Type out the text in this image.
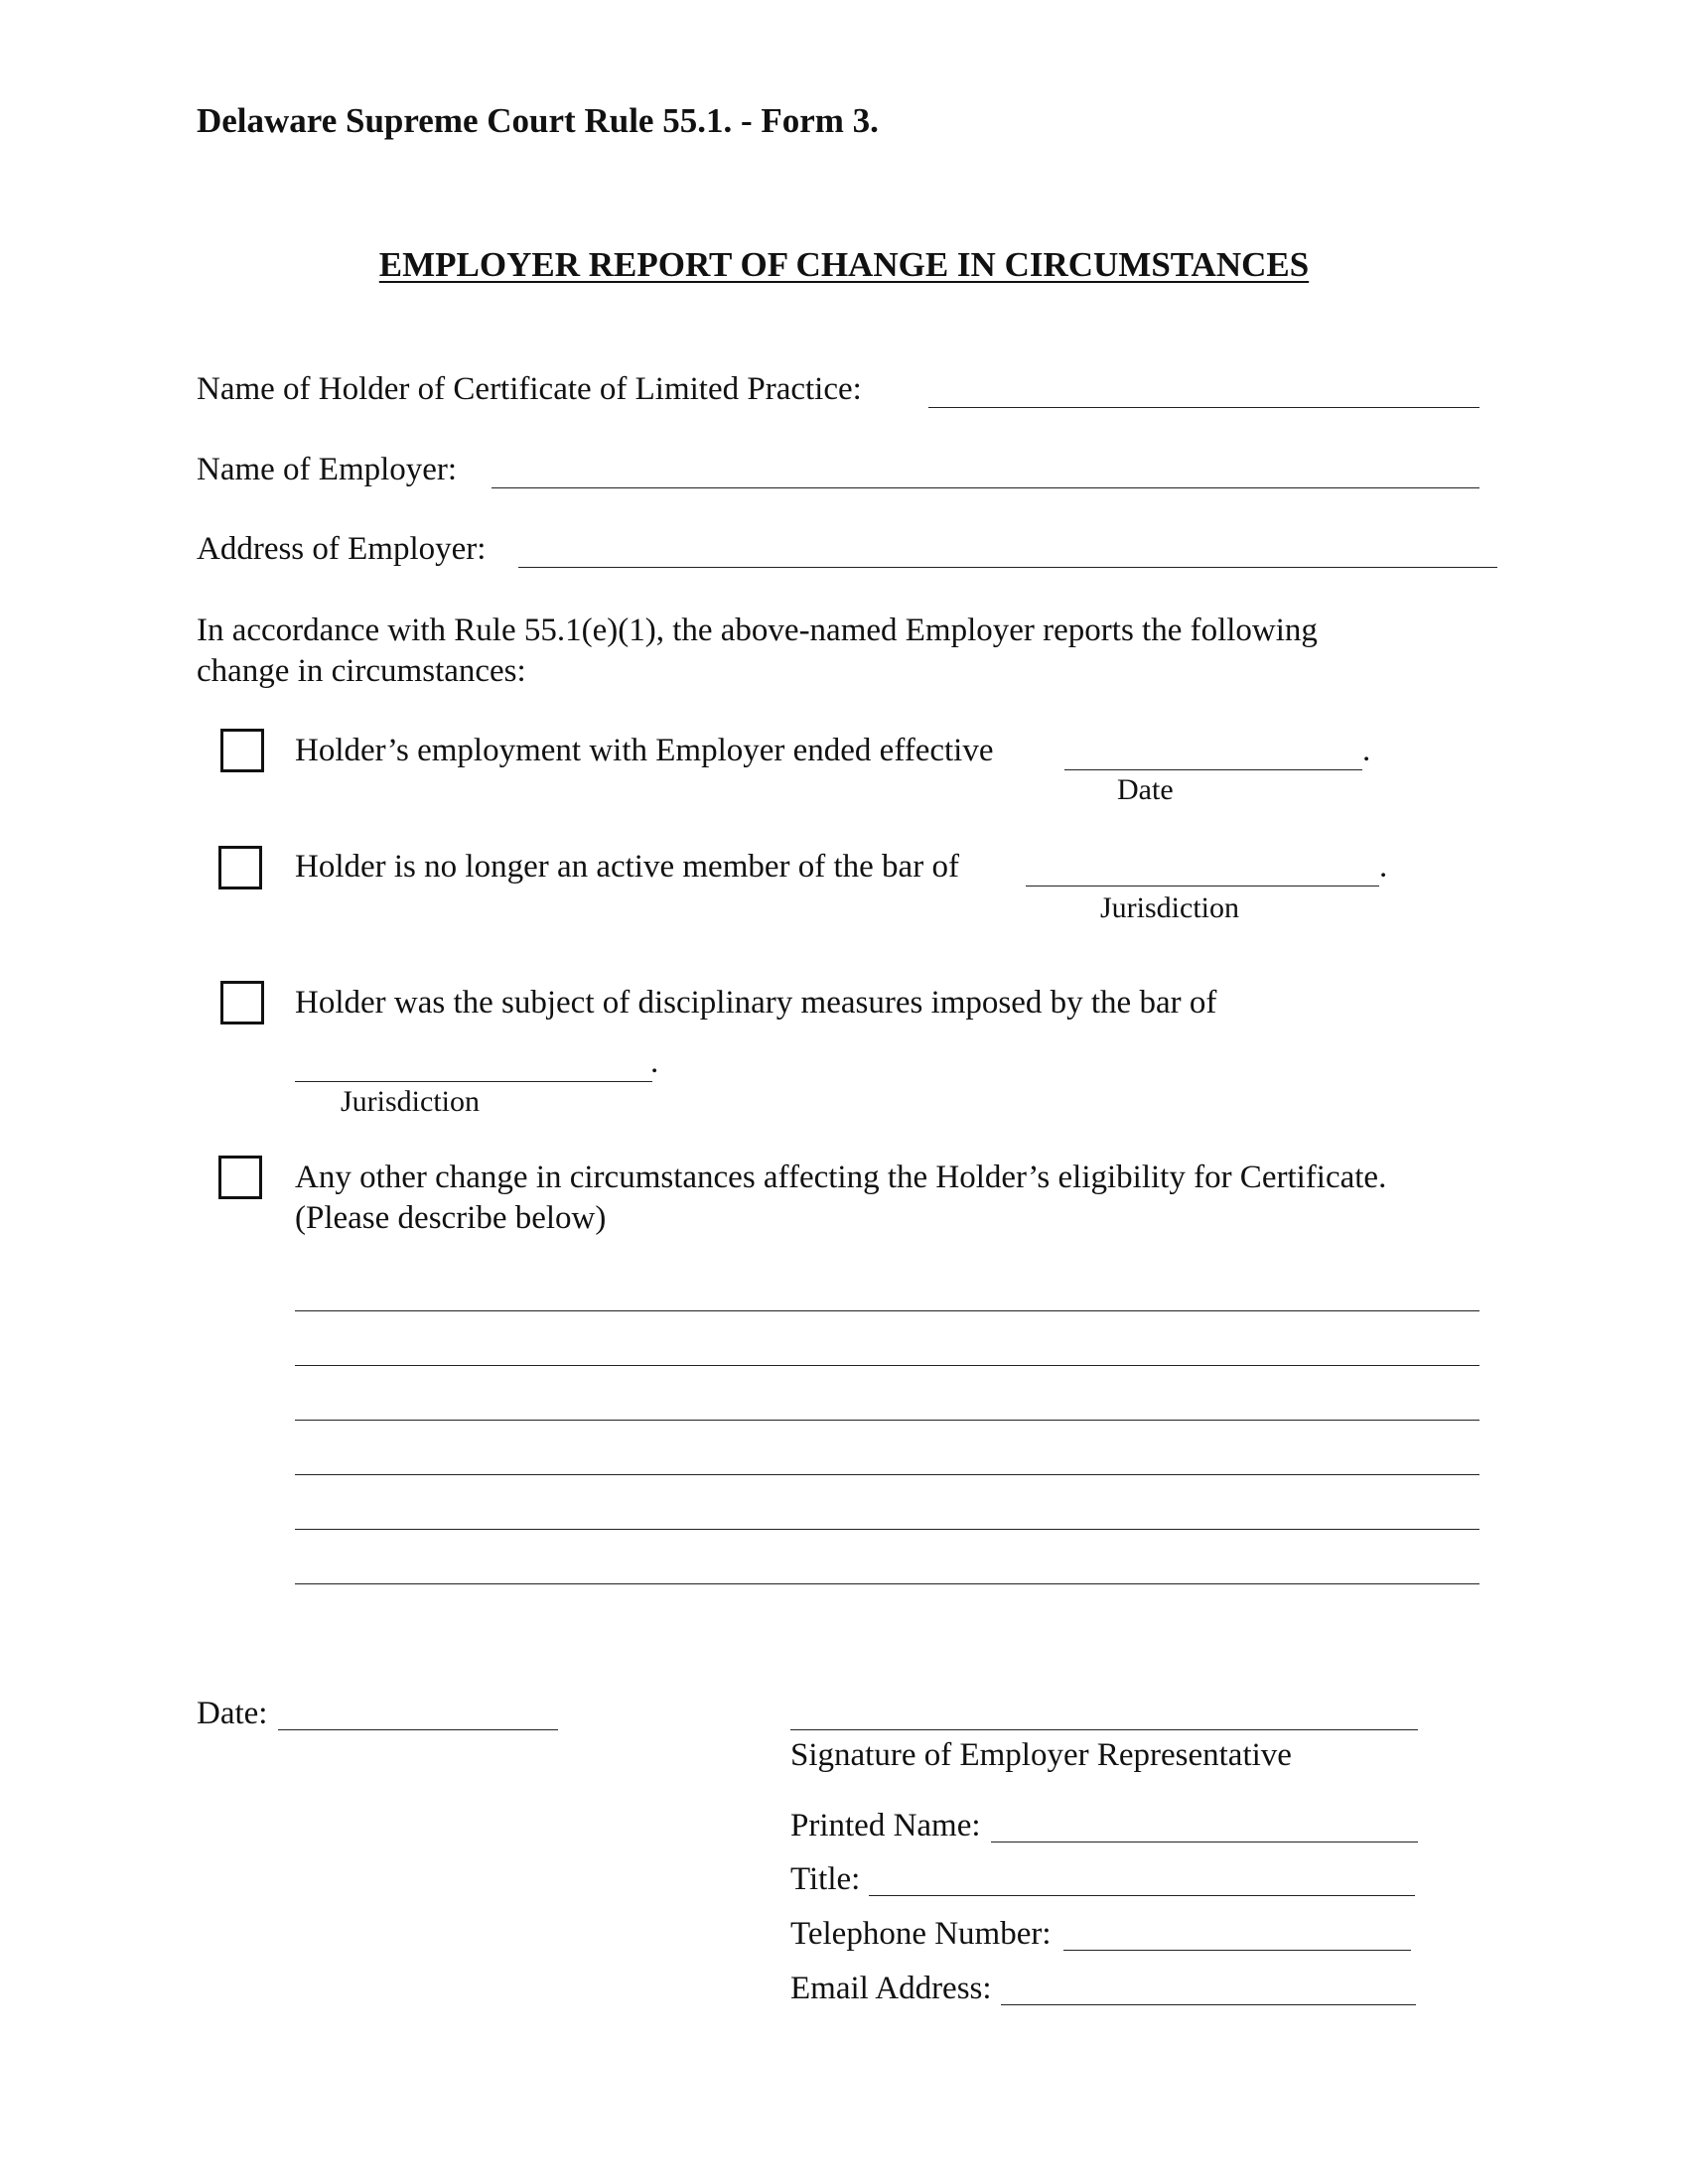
Delaware Supreme Court Rule 55.1. - Form 3.
EMPLOYER REPORT OF CHANGE IN CIRCUMSTANCES
Name of Holder of Certificate of Limited Practice:
Name of Employer:
Address of Employer:
In accordance with Rule 55.1(e)(1), the above-named Employer reports the following
change in circumstances:
Holder’s employment with Employer ended effective	.
Date
Holder is no longer an active member of the bar of	.
Jurisdiction
Holder was the subject of disciplinary measures imposed by the bar of
.
Jurisdiction
Any other change in circumstances affecting the Holder’s eligibility for Certificate.
(Please describe below)
Date:
Signature of Employer Representative
Printed Name:
Title:
Telephone Number:
Email Address:
